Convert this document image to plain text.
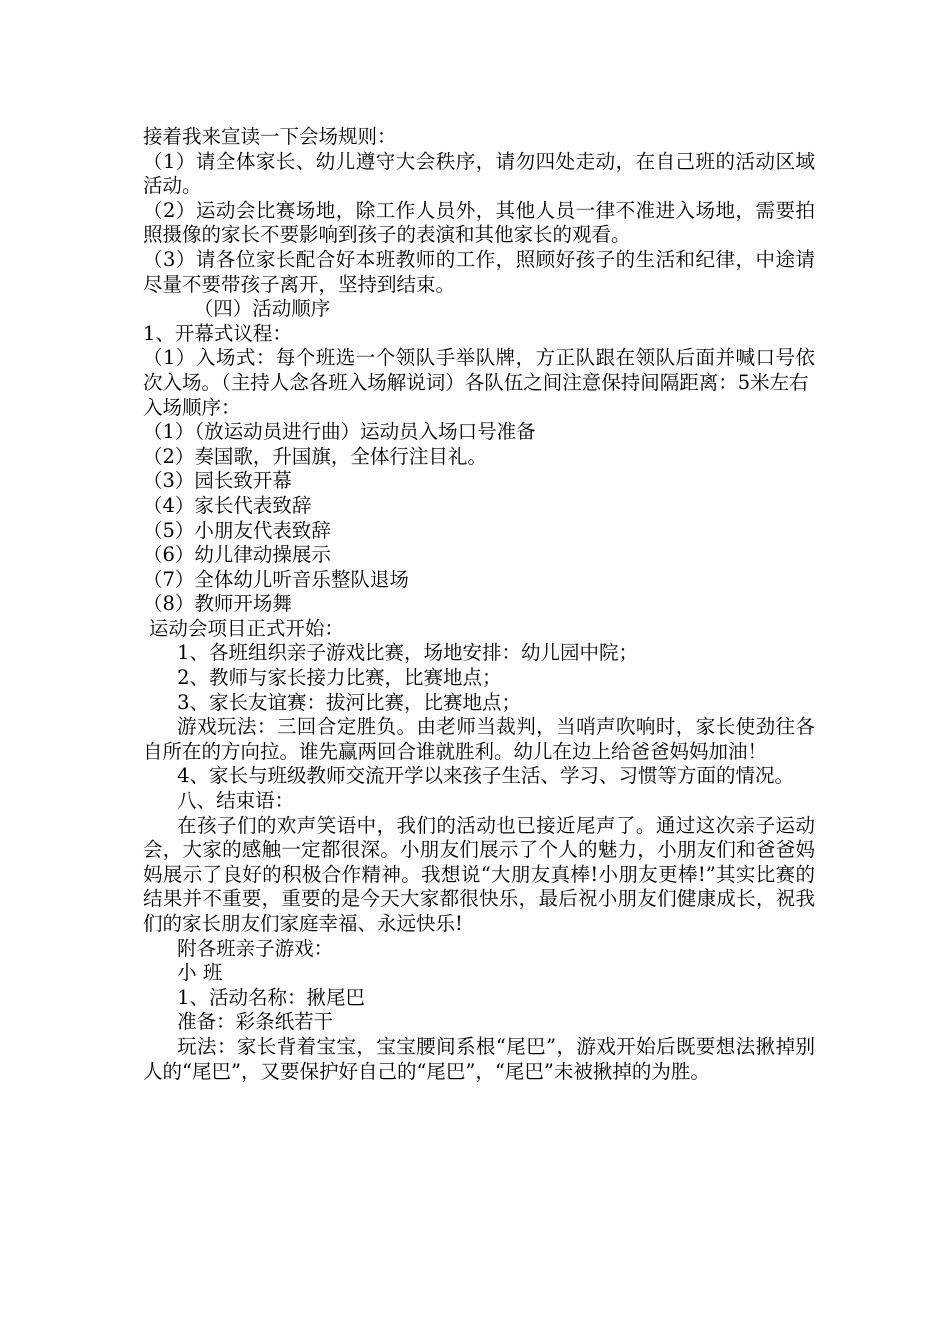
接着我来宣读一下会场规则：

（1）请全体家长、幼儿遵守大会秩序，请勿四处走动，在自己班的活动区域活动。

（2）运动会比赛场地，除工作人员外，其他人员一律不准进入场地，需要拍照摄像的家长不要影响到孩子的表演和其他家长的观看。

（3）请各位家长配合好本班教师的工作，照顾好孩子的生活和纪律，中途请尽量不要带孩子离开，坚持到结束。

（四）活动顺序

1、开幕式议程：

（1）入场式：每个班选一个领队手举队牌，方正队跟在领队后面并喊口号依次入场。（主持人念各班入场解说词）各队伍之间注意保持间隔距离：5米左右

入场顺序：

（1）（放运动员进行曲）运动员入场口号准备

（2）奏国歌，升国旗，全体行注目礼。

（3）园长致开幕

（4）家长代表致辞

（5）小朋友代表致辞

（6）幼儿律动操展示

（7）全体幼儿听音乐整队退场

（8）教师开场舞

运动会项目正式开始：

1、各班组织亲子游戏比赛，场地安排：幼儿园中院；

2、教师与家长接力比赛，比赛地点；

3、家长友谊赛：拔河比赛，比赛地点；

游戏玩法：三回合定胜负。由老师当裁判，当哨声吹响时，家长使劲往各自所在的方向拉。谁先赢两回合谁就胜利。幼儿在边上给爸爸妈妈加油！

4、家长与班级教师交流开学以来孩子生活、学习、习惯等方面的情况。

八、结束语：

在孩子们的欢声笑语中，我们的活动也已接近尾声了。通过这次亲子运动会，大家的感触一定都很深。小朋友们展示了个人的魅力，小朋友们和爸爸妈妈展示了良好的积极合作精神。我想说“大朋友真棒!小朋友更棒!”其实比赛的结果并不重要，重要的是今天大家都很快乐，最后祝小朋友们健康成长，祝我们的家长朋友们家庭幸福、永远快乐!

附各班亲子游戏：

小 班

1、活动名称：揪尾巴

准备：彩条纸若干

玩法：家长背着宝宝，宝宝腰间系根“尾巴”，游戏开始后既要想法揪掉别人的“尾巴”，又要保护好自己的“尾巴”，“尾巴”未被揪掉的为胜。
